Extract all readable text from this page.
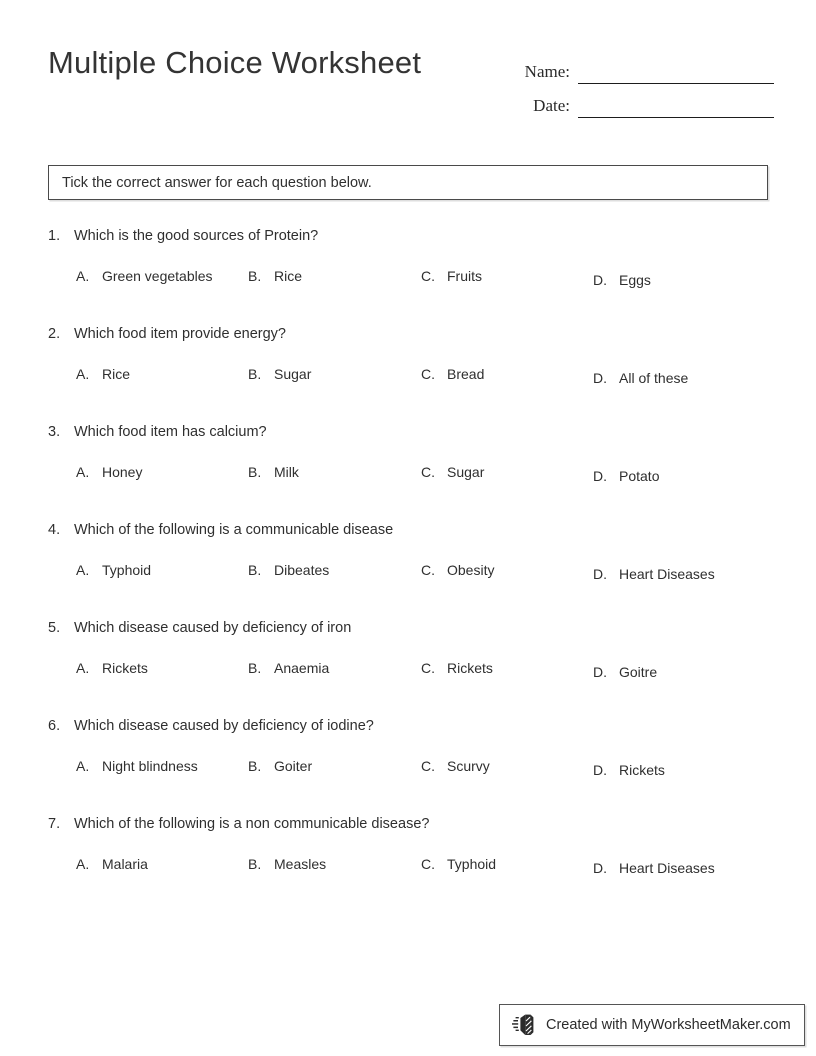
Multiple Choice Worksheet	Name:
Date:
Tick the correct answer for each question below.
1. Which is the good sources of Protein?
A. Green vegetables	B. Rice	C. Fruits	D. Eggs
2. Which food item provide energy?
A. Rice	B. Sugar	C. Bread	D. All of these
3. Which food item has calcium?
A. Honey	B. Milk	C. Sugar	D. Potato
4. Which of the following is a communicable disease
A. Typhoid	B. Dibeates	C. Obesity	D. Heart Diseases
5. Which disease caused by deficiency of iron
A. Rickets	B. Anaemia	C. Rickets	D. Goitre
6. Which disease caused by deficiency of iodine?
A. Night blindness	B. Goiter	C. Scurvy	D. Rickets
7. Which of the following is a non communicable disease?
A. Malaria	B. Measles	C. Typhoid	D. Heart Diseases
Created with MyWorksheetMaker.com
